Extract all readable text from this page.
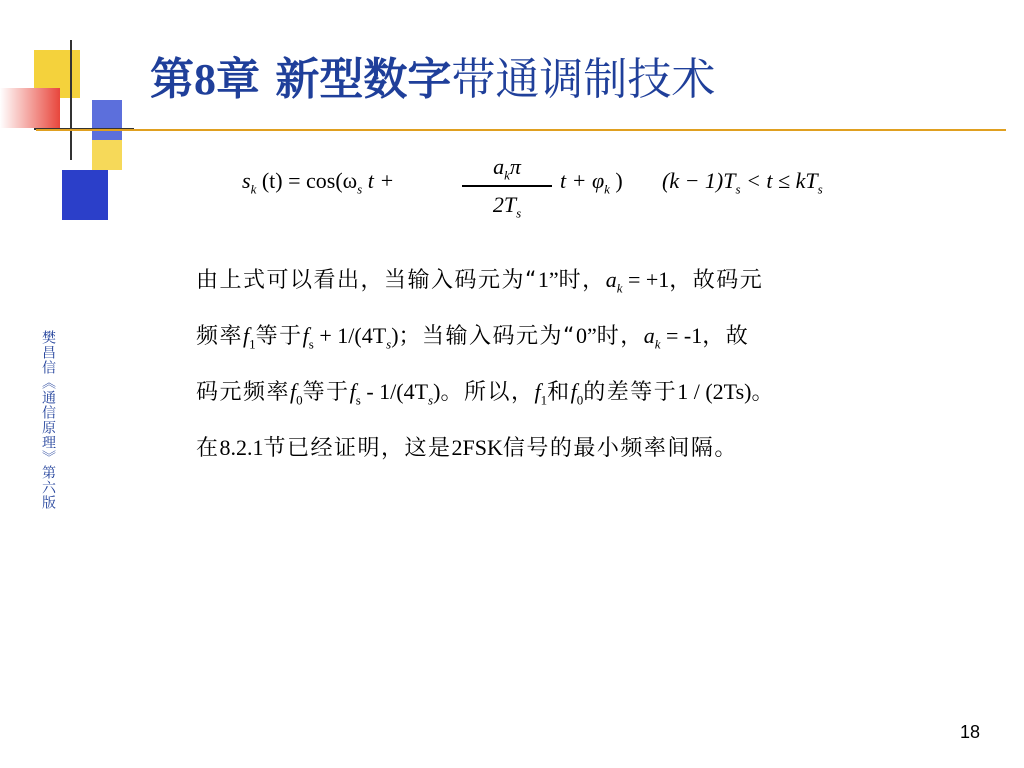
第8章 新型数字带通调制技术
$s_k$ $(t) = \cos(\omega_s$ t +
$a_k\pi$
$2T_s$
$t + \varphi_k$ ) $(k - 1)T_s < t \le kT_s$
由上式可以看出，当输入码元为“1”时，$a_k = +1$，故码元
频率$f_1$等于$f_s + 1/(4T_s)$；当输入码元为“0”时，$a_k = -1$，故
码元频率$f_0$等于$f_s - 1/(4T_s)$。所以，$f_1$和$f_0$的差等于1 / (2Ts)。
在8.2.1节已经证明，这是2FSK信号的最小频率间隔。
樊昌信《通信原理》第六版
18
